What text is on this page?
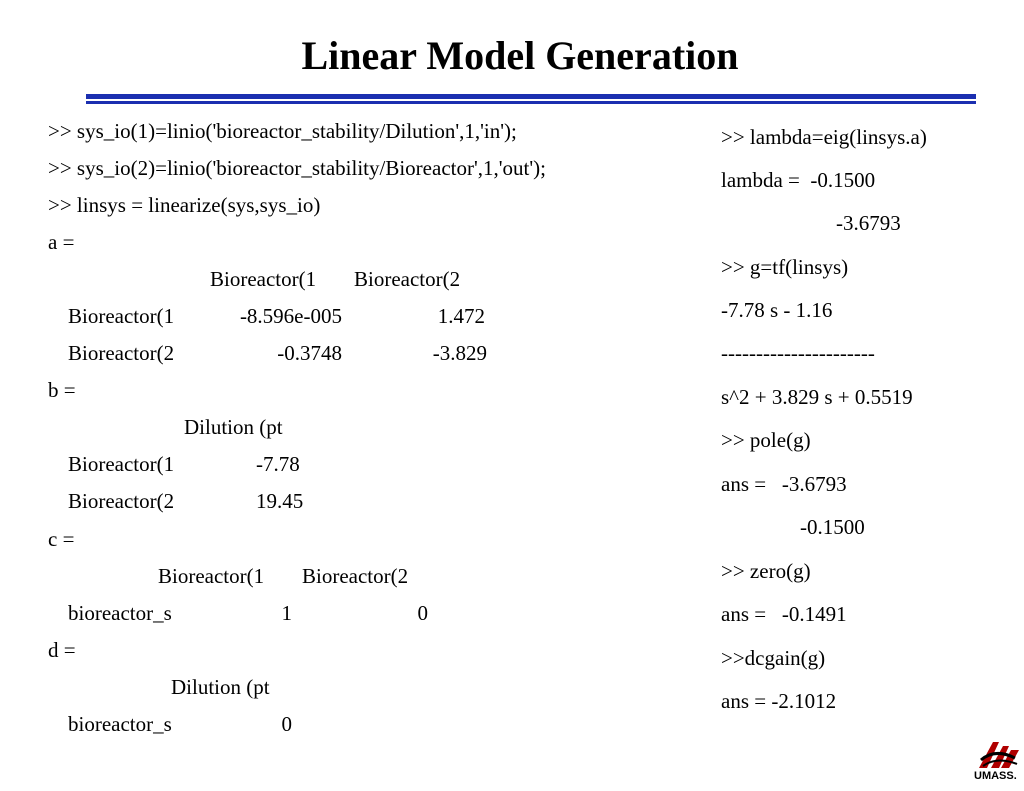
Linear Model Generation
>> sys_io(1)=linio('bioreactor_stability/Dilution',1,'in');
>> sys_io(2)=linio('bioreactor_stability/Bioreactor',1,'out');
>> linsys = linearize(sys,sys_io)
a =
Bioreactor(1 Bioreactor(2
Bioreactor(1	-8.596e-005	1.472
Bioreactor(2	-0.3748	-3.829
b =
Dilution (pt
Bioreactor(1	-7.78
Bioreactor(2	19.45
c =
Bioreactor(1 Bioreactor(2
bioreactor_s	1	0
d =
Dilution (pt
bioreactor_s	0
>> lambda=eig(linsys.a)
lambda =  -0.1500
-3.6793
>> g=tf(linsys)
-7.78 s - 1.16
----------------------
s^2 + 3.829 s + 0.5519
>> pole(g)
ans =   -3.6793
-0.1500
>> zero(g)
ans =   -0.1491
>>dcgain(g)
ans = -2.1012
UMASS.
